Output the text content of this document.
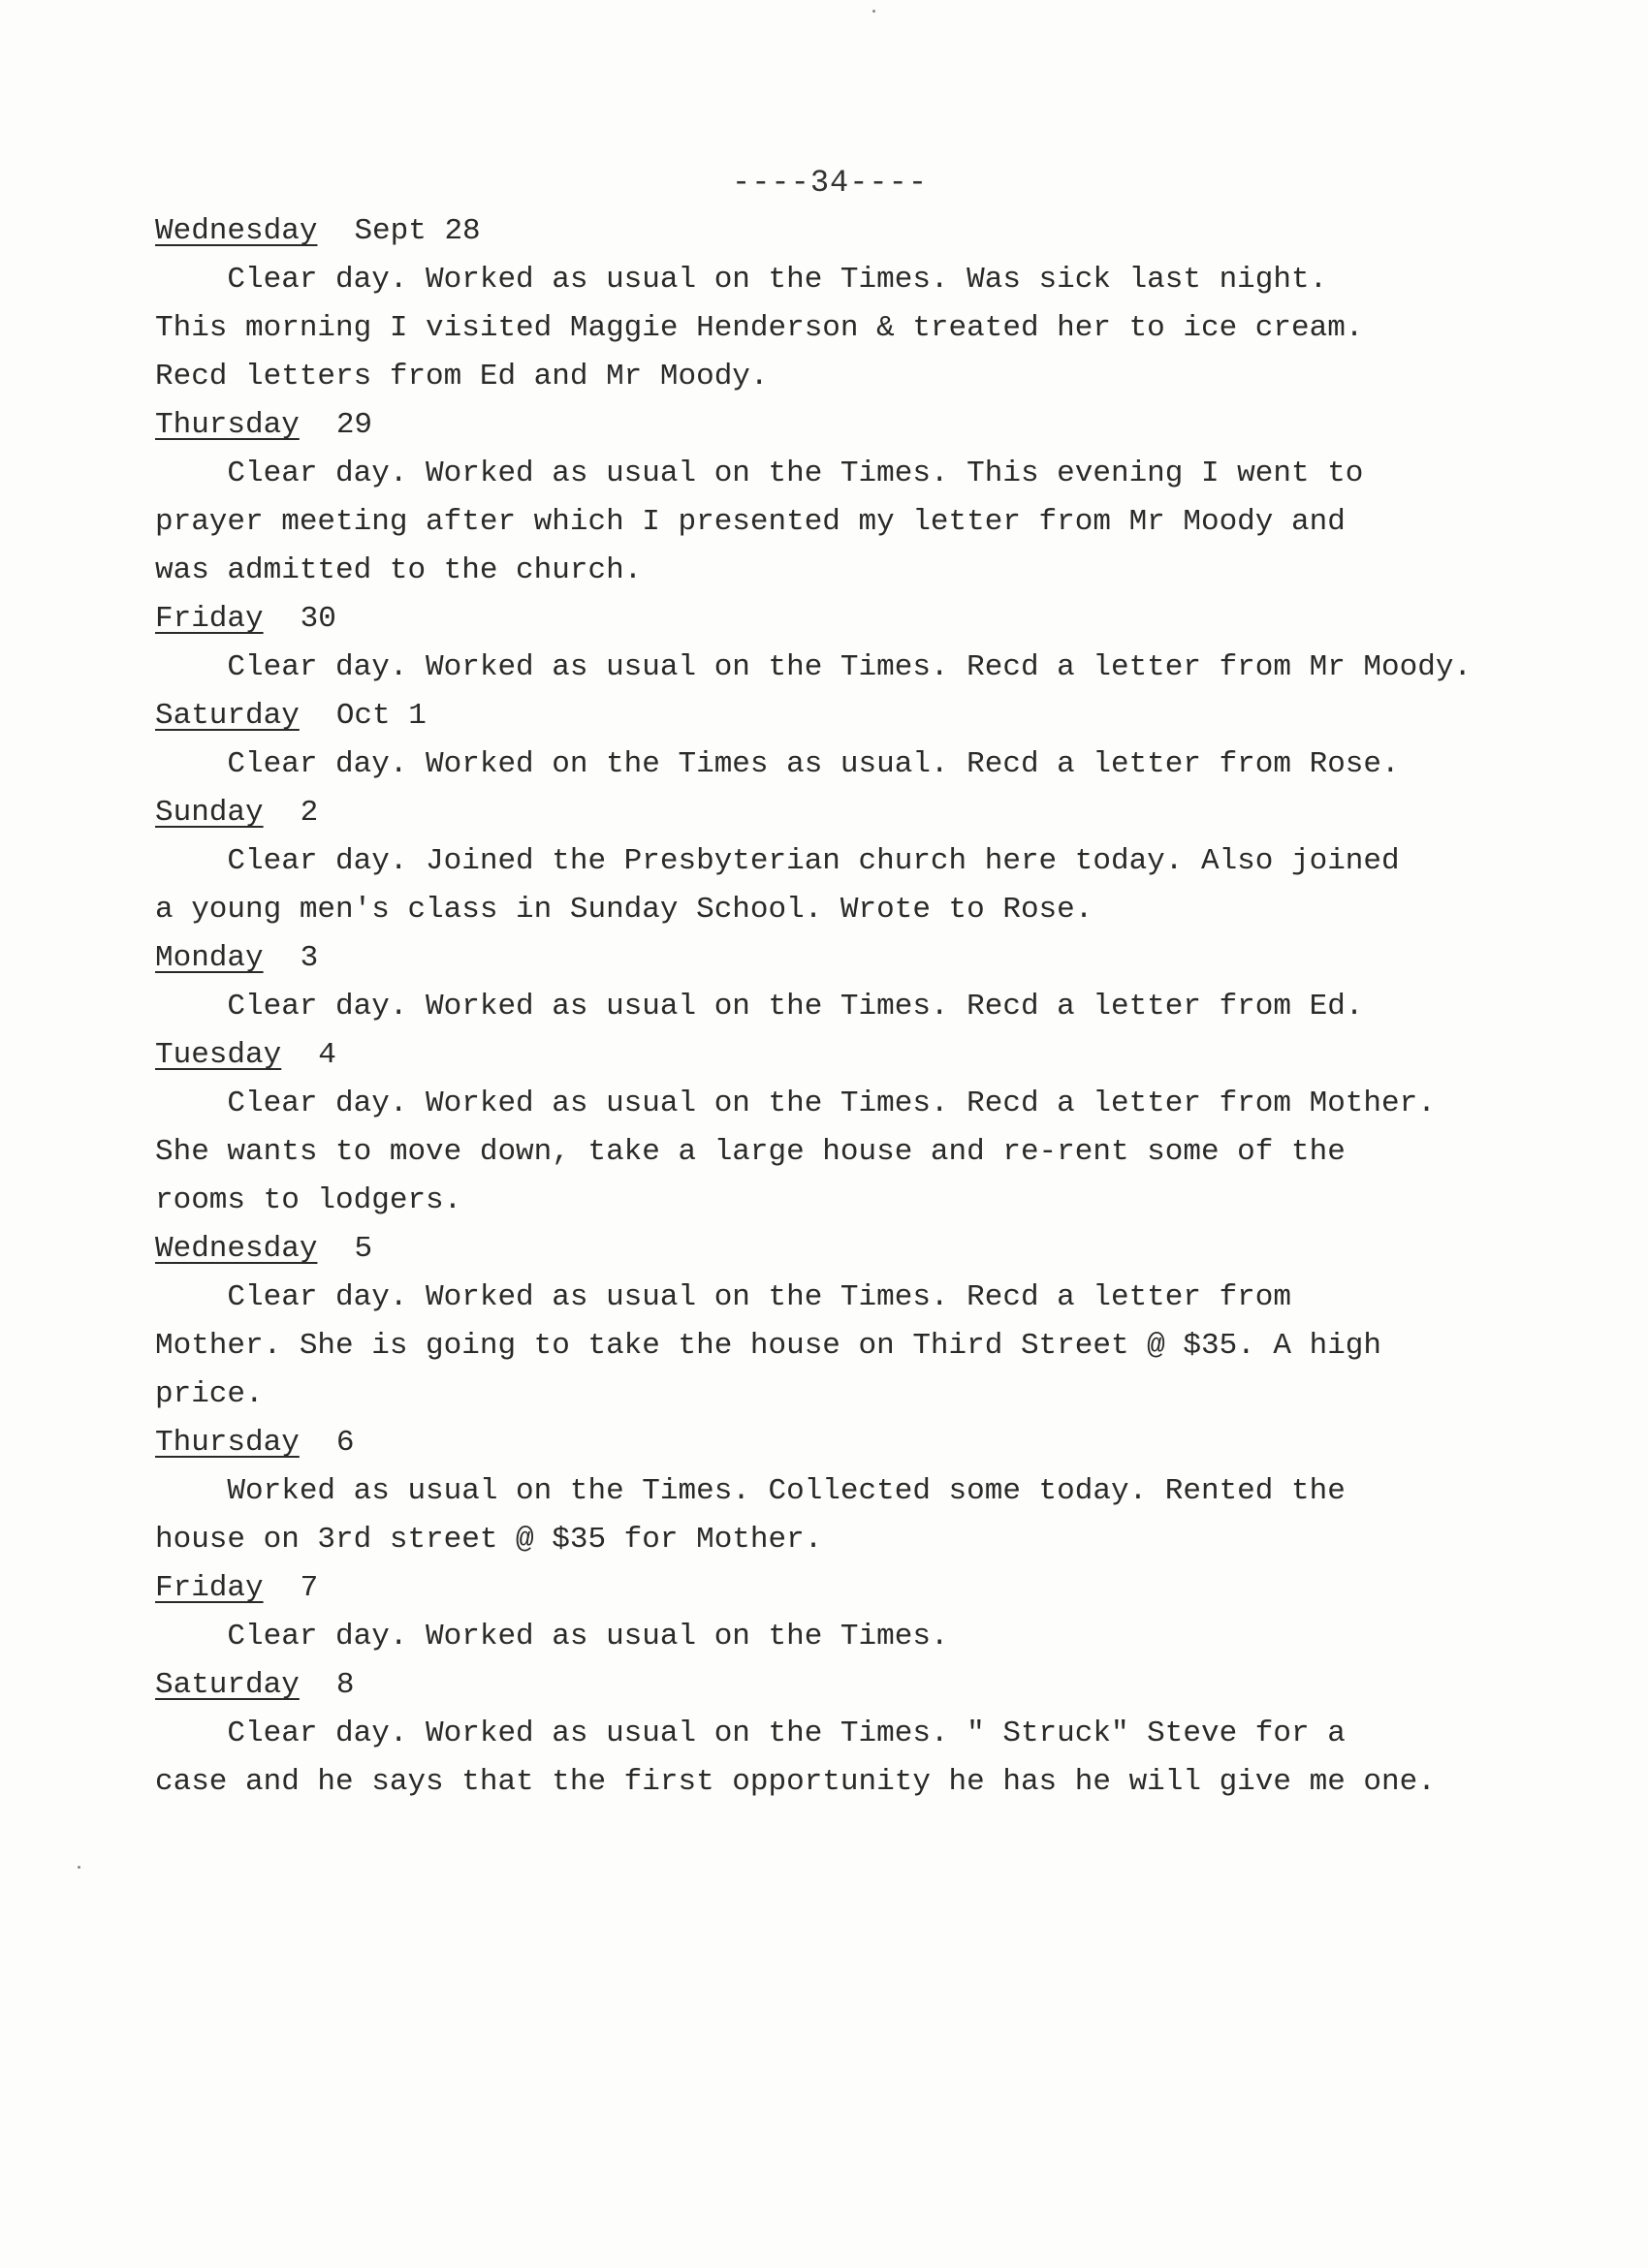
----34----
Wednesday Sept 28
Clear day. Worked as usual on the Times. Was sick last night.
This morning I visited Maggie Henderson & treated her to ice cream.
Recd letters from Ed and Mr Moody.
Thursday 29
Clear day. Worked as usual on the Times. This evening I went to
prayer meeting after which I presented my letter from Mr Moody and
was admitted to the church.
Friday 30
Clear day. Worked as usual on the Times. Recd a letter from Mr Moody.
Saturday Oct 1
Clear day. Worked on the Times as usual. Recd a letter from Rose.
Sunday 2
Clear day. Joined the Presbyterian church here today. Also joined
a young men's class in Sunday School. Wrote to Rose.
Monday 3
Clear day. Worked as usual on the Times. Recd a letter from Ed.
Tuesday 4
Clear day. Worked as usual on the Times. Recd a letter from Mother.
She wants to move down, take a large house and re-rent some of the
rooms to lodgers.
Wednesday 5
Clear day. Worked as usual on the Times. Recd a letter from
Mother. She is going to take the house on Third Street @ $35. A high
price.
Thursday 6
Worked as usual on the Times. Collected some today. Rented the
house on 3rd street @ $35 for Mother.
Friday 7
Clear day. Worked as usual on the Times.
Saturday 8
Clear day. Worked as usual on the Times. " Struck" Steve for a
case and he says that the first opportunity he has he will give me one.
